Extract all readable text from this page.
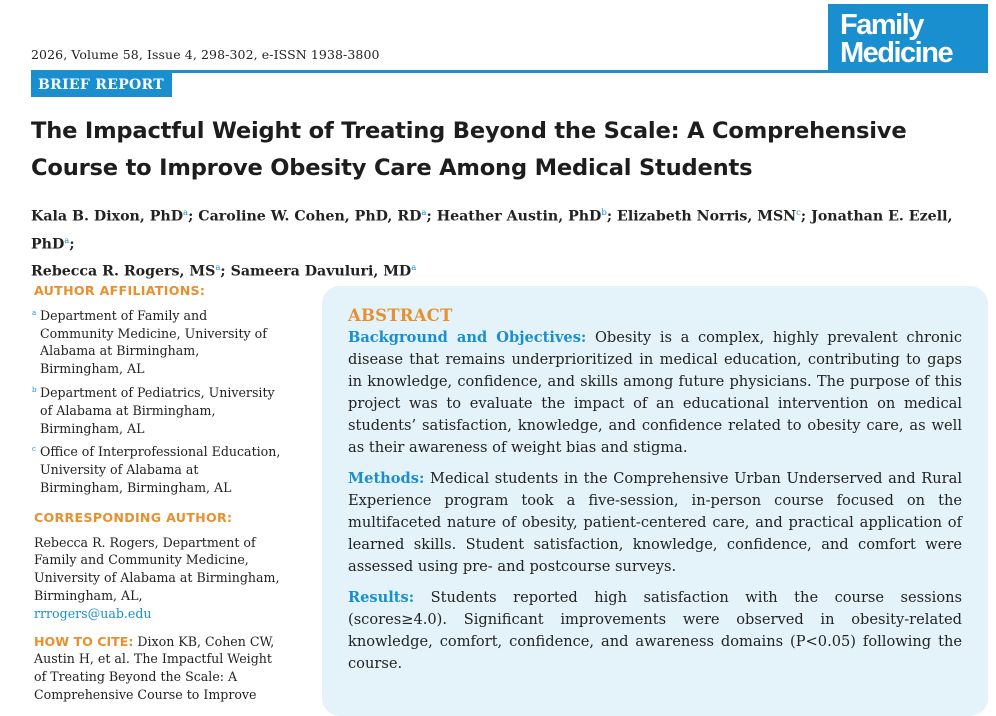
2026, Volume 58, Issue 4, 298-302, e-ISSN 1938-3800
Family
Medicine
BRIEF REPORT
The Impactful Weight of Treating Beyond the Scale: A Comprehensive Course to Improve Obesity Care Among Medical Students
Kala B. Dixon, PhD$^a$; Caroline W. Cohen, PhD, $RD^a$; Heather Austin, PhD$^b$; Elizabeth Norris, MSN$^c$; Jonathan E. Ezell, PhD$^a$;
Rebecca R. Rogers, $MS^a$; Sameera Davuluri, $MD^a$
AUTHOR AFFILIATIONS:
a Department of Family and Community Medicine, University of Alabama at Birmingham, Birmingham, AL
b Department of Pediatrics, University of Alabama at Birmingham, Birmingham, AL
c Office of Interprofessional Education, University of Alabama at Birmingham, Birmingham, AL
CORRESPONDING AUTHOR:
Rebecca R. Rogers, Department of Family and Community Medicine, University of Alabama at Birmingham, Birmingham, AL,
rrrogers@uab.edu
HOW TO CITE: Dixon KB, Cohen CW, Austin H, et al. The Impactful Weight of Treating Beyond the Scale: A Comprehensive Course to Improve
ABSTRACT

Background and Objectives: Obesity is a complex, highly prevalent chronic disease that remains underprioritized in medical education, contributing to gaps in knowledge, confidence, and skills among future physicians. The purpose of this project was to evaluate the impact of an educational intervention on medical students’ satisfaction, knowledge, and confidence related to obesity care, as well as their awareness of weight bias and stigma.

Methods: Medical students in the Comprehensive Urban Underserved and Rural Experience program took a five-session, in-person course focused on the multifaceted nature of obesity, patient-centered care, and practical application of learned skills. Student satisfaction, knowledge, confidence, and comfort were assessed using pre- and postcourse surveys.

Results: Students reported high satisfaction with the course sessions (scores≥4.0). Significant improvements were observed in obesity-related knowledge, comfort, confidence, and awareness domains (P<0.05) following the course.
